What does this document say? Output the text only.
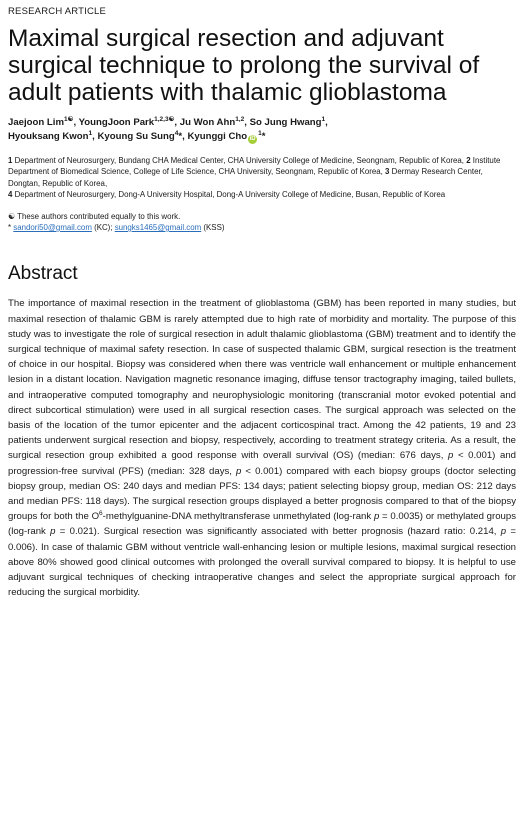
RESEARCH ARTICLE
Maximal surgical resection and adjuvant surgical technique to prolong the survival of adult patients with thalamic glioblastoma
Jaejoon Lim$^{1☯}$, YoungJoon Park$^{1,2,3☯}$, Ju Won Ahn$^{1,2}$, So Jung Hwang$^1$,
Hyouksang Kwon$^1$, Kyoung Su Sung$^4$*, Kyunggi Cho $iD^1*$
1 Department of Neurosurgery, Bundang CHA Medical Center, CHA University College of Medicine, Seongnam, Republic of Korea, 2 Institute Department of Biomedical Science, College of Life Science, CHA University, Seongnam, Republic of Korea, 3 Dermay Research Center, Dongtan, Republic of Korea,
4 Department of Neurosurgery, Dong-A University Hospital, Dong-A University College of Medicine, Busan, Republic of Korea
☯ These authors contributed equally to this work.
* sandori50@gmail.com (KC); sungks1465@gmail.com (KSS)
Abstract

The importance of maximal resection in the treatment of glioblastoma (GBM) has been reported in many studies, but maximal resection of thalamic GBM is rarely attempted due to high rate of morbidity and mortality. The purpose of this study was to investigate the role of surgical resection in adult thalamic glioblastoma (GBM) treatment and to identify the surgical technique of maximal safety resection. In case of suspected thalamic GBM, surgical resection is the treatment of choice in our hospital. Biopsy was considered when there was ventricle wall enhancement or multiple enhancement lesion in a distant location. Navigation magnetic resonance imaging, diffuse tensor tractography imaging, tailed bullets, and intraoperative computed tomography and neurophysiologic monitoring (transcranial motor evoked potential and direct subcortical stimulation) were used in all surgical resection cases. The surgical approach was selected on the basis of the location of the tumor epicenter and the adjacent corticospinal tract. Among the 42 patients, 19 and 23 patients underwent surgical resection and biopsy, respectively, according to treatment strategy criteria. As a result, the surgical resection group exhibited a good response with overall survival (OS) (median: 676 days, p < 0.001) and progression-free survival (PFS) (median: 328 days, p < 0.001) compared with each biopsy groups (doctor selecting biopsy group, median OS: 240 days and median PFS: 134 days; patient selecting biopsy group, median OS: 212 days and median PFS: 118 days). The surgical resection groups displayed a better prognosis compared to that of the biopsy groups for both the $O^6-methylguanine$-DNA methyltransferase unmethylated (log-rank p = 0.0035) or methylated groups (log-rank p = 0.021). Surgical resection was significantly associated with better prognosis (hazard ratio: 0.214, p = 0.006). In case of thalamic GBM without ventricle wall-enhancing lesion or multiple lesions, maximal surgical resection above 80% showed good clinical outcomes with prolonged the overall survival compared to biopsy. It is helpful to use adjuvant surgical techniques of checking intraoperative changes and select the appropriate surgical approach for reducing the surgical morbidity.
